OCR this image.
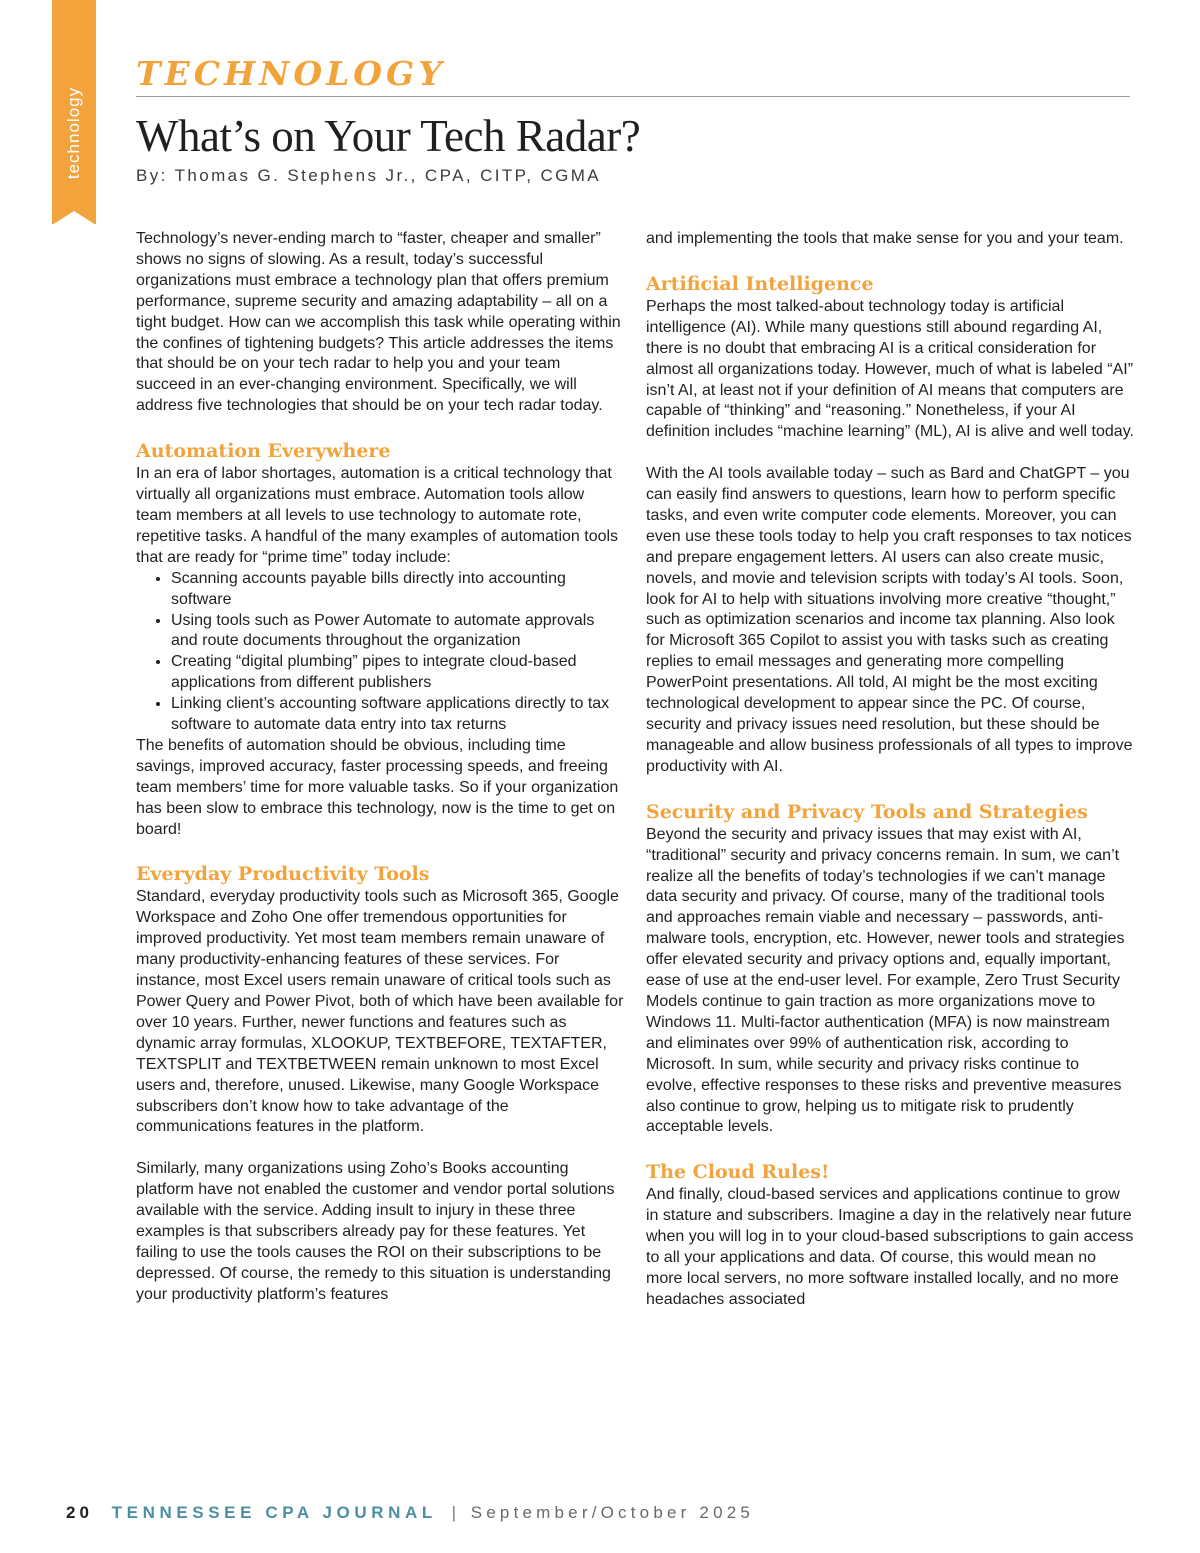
technology
TECHNOLOGY
What’s on Your Tech Radar?
By: Thomas G. Stephens Jr., CPA, CITP, CGMA

Technology’s never-ending march to “faster, cheaper and smaller” shows no signs of slowing. As a result, today’s successful organizations must embrace a technology plan that offers premium performance, supreme security and amazing adaptability – all on a tight budget. How can we accomplish this task while operating within the confines of tightening budgets? This article addresses the items that should be on your tech radar to help you and your team succeed in an ever-changing environment. Specifically, we will address five technologies that should be on your tech radar today.

Automation Everywhere

In an era of labor shortages, automation is a critical technology that virtually all organizations must embrace. Automation tools allow team members at all levels to use technology to automate rote, repetitive tasks. A handful of the many examples of automation tools that are ready for “prime time” today include:

• Scanning accounts payable bills directly into accounting software
• Using tools such as Power Automate to automate approvals and route documents throughout the organization
• Creating “digital plumbing” pipes to integrate cloud-based applications from different publishers
• Linking client’s accounting software applications directly to tax software to automate data entry into tax returns

The benefits of automation should be obvious, including time savings, improved accuracy, faster processing speeds, and freeing team members’ time for more valuable tasks. So if your organization has been slow to embrace this technology, now is the time to get on board!

Everyday Productivity Tools

Standard, everyday productivity tools such as Microsoft 365, Google Workspace and Zoho One offer tremendous opportunities for improved productivity. Yet most team members remain unaware of many productivity-enhancing features of these services. For instance, most Excel users remain unaware of critical tools such as Power Query and Power Pivot, both of which have been available for over 10 years. Further, newer functions and features such as dynamic array formulas, XLOOKUP, TEXTBEFORE, TEXTAFTER, TEXTSPLIT and TEXTBETWEEN remain unknown to most Excel users and, therefore, unused. Likewise, many Google Workspace subscribers don’t know how to take advantage of the communications features in the platform.

Similarly, many organizations using Zoho’s Books accounting platform have not enabled the customer and vendor portal solutions available with the service. Adding insult to injury in these three examples is that subscribers already pay for these features. Yet failing to use the tools causes the ROI on their subscriptions to be depressed. Of course, the remedy to this situation is understanding your productivity platform’s features

and implementing the tools that make sense for you and your team.

Artificial Intelligence

Perhaps the most talked-about technology today is artificial intelligence (AI). While many questions still abound regarding AI, there is no doubt that embracing AI is a critical consideration for almost all organizations today. However, much of what is labeled “AI” isn’t AI, at least not if your definition of AI means that computers are capable of “thinking” and “reasoning.” Nonetheless, if your AI definition includes “machine learning” (ML), AI is alive and well today.

With the AI tools available today – such as Bard and ChatGPT – you can easily find answers to questions, learn how to perform specific tasks, and even write computer code elements. Moreover, you can even use these tools today to help you craft responses to tax notices and prepare engagement letters. AI users can also create music, novels, and movie and television scripts with today’s AI tools. Soon, look for AI to help with situations involving more creative “thought,” such as optimization scenarios and income tax planning. Also look for Microsoft 365 Copilot to assist you with tasks such as creating replies to email messages and generating more compelling PowerPoint presentations. All told, AI might be the most exciting technological development to appear since the PC. Of course, security and privacy issues need resolution, but these should be manageable and allow business professionals of all types to improve productivity with AI.

Security and Privacy Tools and Strategies

Beyond the security and privacy issues that may exist with AI, “traditional” security and privacy concerns remain. In sum, we can’t realize all the benefits of today’s technologies if we can’t manage data security and privacy. Of course, many of the traditional tools and approaches remain viable and necessary – passwords, anti-malware tools, encryption, etc. However, newer tools and strategies offer elevated security and privacy options and, equally important, ease of use at the end-user level. For example, Zero Trust Security Models continue to gain traction as more organizations move to Windows 11. Multi-factor authentication (MFA) is now mainstream and eliminates over 99% of authentication risk, according to Microsoft. In sum, while security and privacy risks continue to evolve, effective responses to these risks and preventive measures also continue to grow, helping us to mitigate risk to prudently acceptable levels.

The Cloud Rules!

And finally, cloud-based services and applications continue to grow in stature and subscribers. Imagine a day in the relatively near future when you will log in to your cloud-based subscriptions to gain access to all your applications and data. Of course, this would mean no more local servers, no more software installed locally, and no more headaches associated

20 TENNESSEE CPA JOURNAL | September/October 2025
